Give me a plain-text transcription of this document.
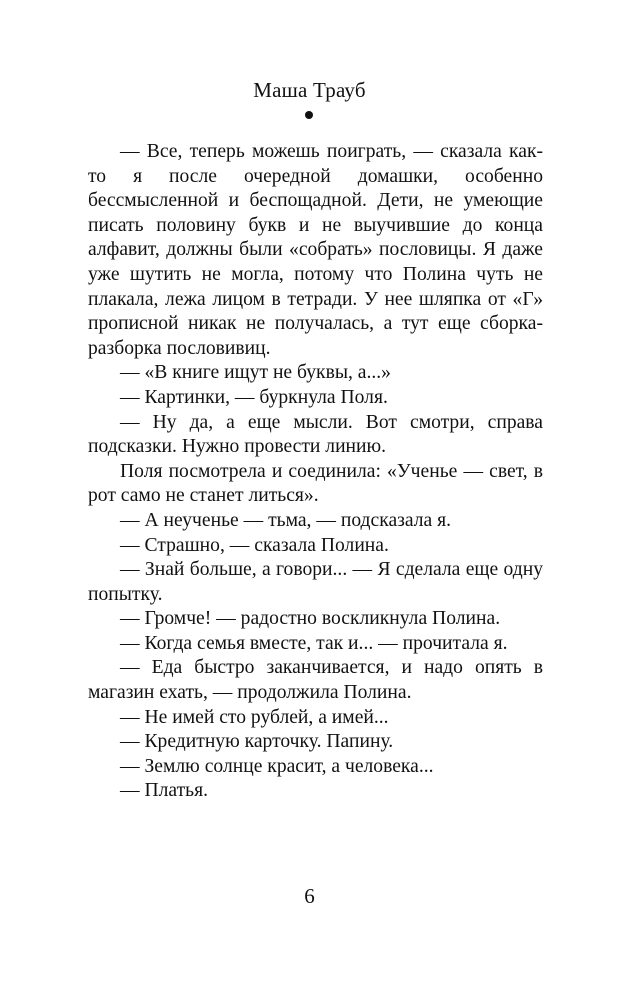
Маша Трауб

— Все, теперь можешь поиграть, — сказала как-то я после очередной домашки, особенно бессмысленной и беспощадной. Дети, не умеющие писать половину букв и не выучившие до конца алфавит, должны были «собрать» пословицы. Я даже уже шутить не могла, потому что Полина чуть не плакала, лежа лицом в тетради. У нее шляпка от «Г» прописной никак не получалась, а тут еще сборка-разборка пословивиц.

— «В книге ищут не буквы, а...»

— Картинки, — буркнула Поля.

— Ну да, а еще мысли. Вот смотри, справа подсказки. Нужно провести линию.

Поля посмотрела и соединила: «Ученье — свет, в рот само не станет литься».

— А неученье — тьма, — подсказала я.

— Страшно, — сказала Полина.

— Знай больше, а говори... — Я сделала еще одну попытку.

— Громче! — радостно воскликнула Полина.

— Когда семья вместе, так и... — прочитала я.

— Еда быстро заканчивается, и надо опять в магазин ехать, — продолжила Полина.

— Не имей сто рублей, а имей...

— Кредитную карточку. Папину.

— Землю солнце красит, а человека...

— Платья.

6
